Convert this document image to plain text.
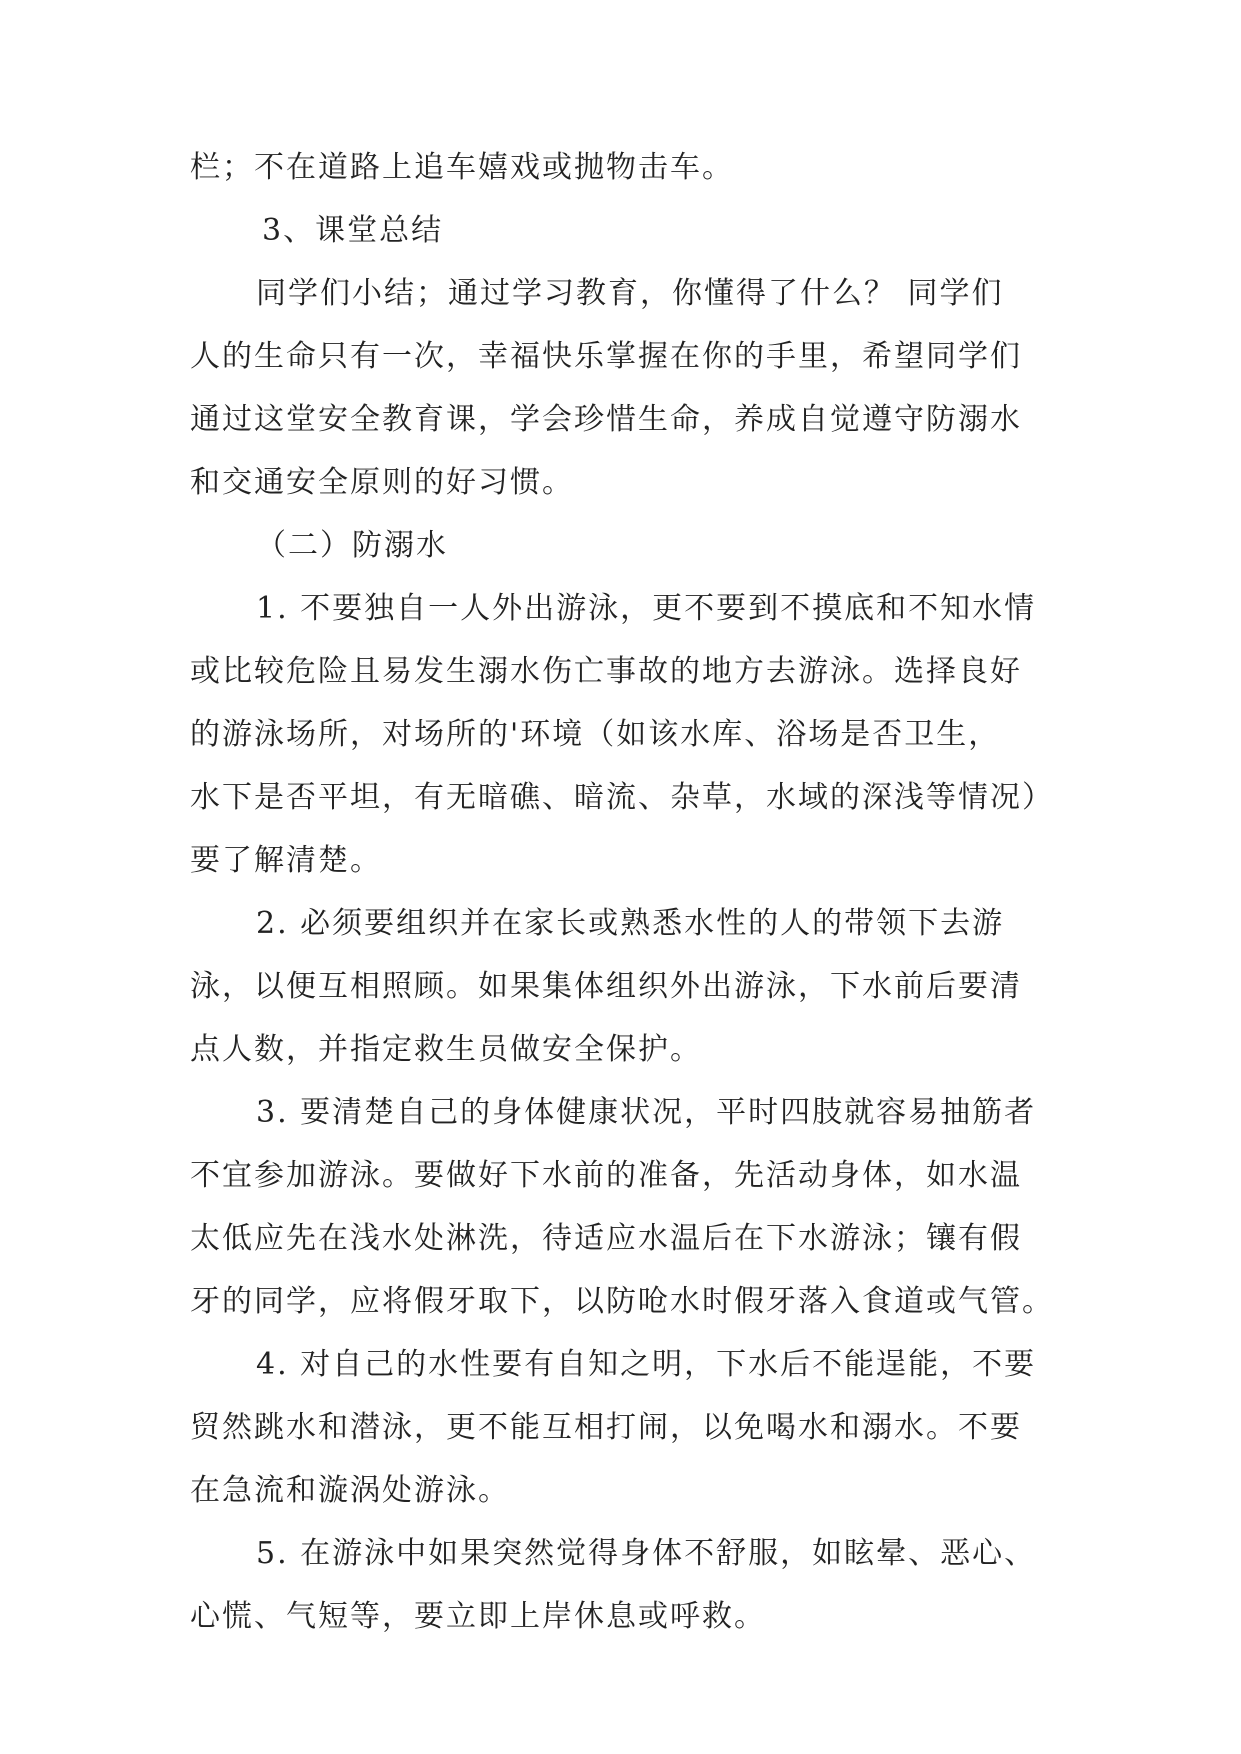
栏；不在道路上追车嬉戏或抛物击车。
3、课堂总结
同学们小结；通过学习教育，你懂得了什么？ 同学们
人的生命只有一次，幸福快乐掌握在你的手里，希望同学们
通过这堂安全教育课，学会珍惜生命，养成自觉遵守防溺水
和交通安全原则的好习惯。
（二）防溺水
1. 不要独自一人外出游泳，更不要到不摸底和不知水情
或比较危险且易发生溺水伤亡事故的地方去游泳。选择良好
的游泳场所，对场所的'环境（如该水库、浴场是否卫生，
水下是否平坦，有无暗礁、暗流、杂草，水域的深浅等情况）
要了解清楚。
2. 必须要组织并在家长或熟悉水性的人的带领下去游
泳，以便互相照顾。如果集体组织外出游泳，下水前后要清
点人数，并指定救生员做安全保护。
3. 要清楚自己的身体健康状况，平时四肢就容易抽筋者
不宜参加游泳。要做好下水前的准备，先活动身体，如水温
太低应先在浅水处淋洗，待适应水温后在下水游泳；镶有假
牙的同学，应将假牙取下，以防呛水时假牙落入食道或气管。
4. 对自己的水性要有自知之明，下水后不能逞能，不要
贸然跳水和潜泳，更不能互相打闹，以免喝水和溺水。不要
在急流和漩涡处游泳。
5. 在游泳中如果突然觉得身体不舒服，如眩晕、恶心、
心慌、气短等，要立即上岸休息或呼救。
